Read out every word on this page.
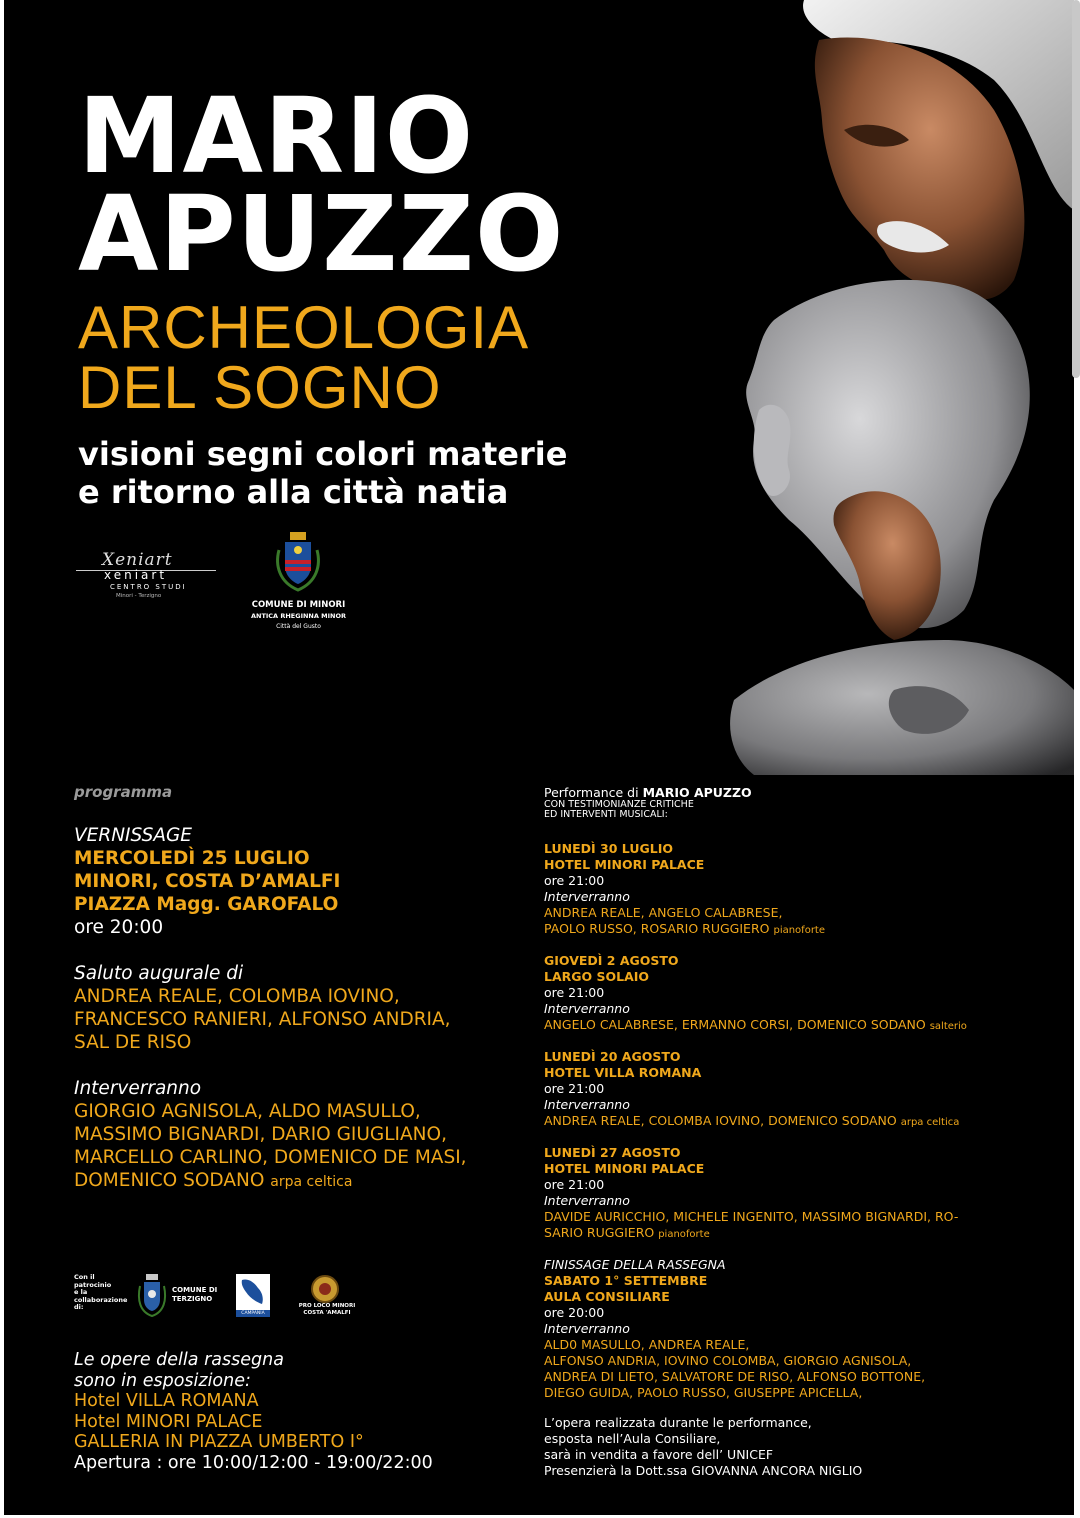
MARIO
APUZZO
ARCHEOLOGIA
DEL SOGNO
visioni segni colori materie
e ritorno alla città natia
Xeniart
xeniart
CENTRO STUDI
Minori - Terzigno
COMUNE DI MINORI
ANTICA RHEGINNA MINOR
Città del Gusto
programma
VERNISSAGE
MERCOLEDÌ 25 LUGLIO
MINORI, COSTA D’AMALFI
PIAZZA Magg. GAROFALO
ore 20:00
Saluto augurale di
ANDREA REALE, COLOMBA IOVINO,
FRANCESCO RANIERI, ALFONSO ANDRIA,
SAL DE RISO
Interverranno
GIORGIO AGNISOLA, ALDO MASULLO,
MASSIMO BIGNARDI, DARIO GIUGLIANO,
MARCELLO CARLINO, DOMENICO DE MASI,
DOMENICO SODANO arpa celtica
Con il
patrocinio
e la
collaborazione
di:
COMUNE DI
TERZIGNO
REGIONE CAMPANIA
PRO LOCO MINORI
COSTA 'AMALFI
Le opere della rassegna
sono in esposizione:
Hotel VILLA ROMANA
Hotel MINORI PALACE
GALLERIA IN PIAZZA UMBERTO I°
Apertura : ore 10:00/12:00 - 19:00/22:00
Performance di MARIO APUZZO
CON TESTIMONIANZE CRITICHE
ED INTERVENTI MUSICALI:
LUNEDÌ 30 LUGLIO
HOTEL MINORI PALACE
ore 21:00
Interverranno
ANDREA REALE, ANGELO CALABRESE,
PAOLO RUSSO, ROSARIO RUGGIERO pianoforte
GIOVEDÌ 2 AGOSTO
LARGO SOLAIO
ore 21:00
Interverranno
ANGELO CALABRESE, ERMANNO CORSI, DOMENICO SODANO salterio
LUNEDÌ 20 AGOSTO
HOTEL VILLA ROMANA
ore 21:00
Interverranno
ANDREA REALE, COLOMBA IOVINO, DOMENICO SODANO arpa celtica
LUNEDÌ 27 AGOSTO
HOTEL MINORI PALACE
ore 21:00
Interverranno
DAVIDE AURICCHIO, MICHELE INGENITO, MASSIMO BIGNARDI, RO-
SARIO RUGGIERO pianoforte
FINISSAGE DELLA RASSEGNA
SABATO 1° SETTEMBRE
AULA CONSILIARE
ore 20:00
Interverranno
ALD0 MASULLO, ANDREA REALE,
ALFONSO ANDRIA, IOVINO COLOMBA, GIORGIO AGNISOLA,
ANDREA DI LIETO, SALVATORE DE RISO, ALFONSO BOTTONE,
DIEGO GUIDA, PAOLO RUSSO, GIUSEPPE APICELLA,
L’opera realizzata durante le performance,
esposta nell’Aula Consiliare,
sarà in vendita a favore dell’ UNICEF
Presenzierà la Dott.ssa GIOVANNA ANCORA NIGLIO
